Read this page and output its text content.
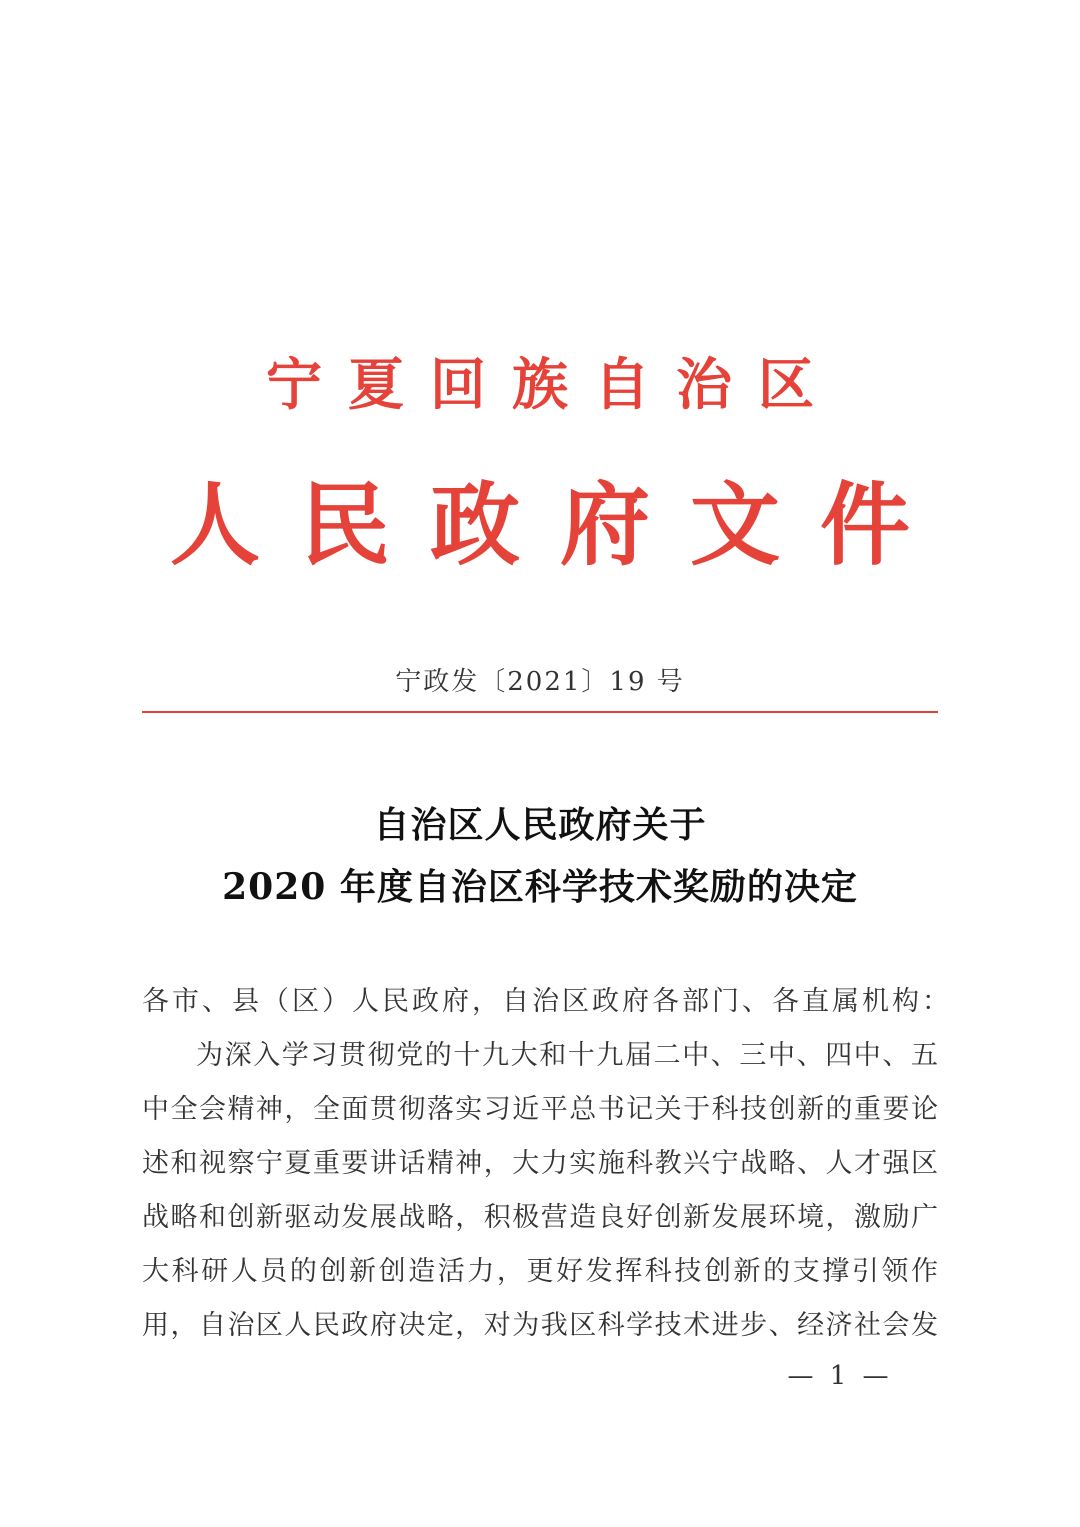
宁夏回族自治区
人民政府文件
宁政发〔2021〕19 号
自治区人民政府关于
2020 年度自治区科学技术奖励的决定
各市、县（区）人民政府，自治区政府各部门、各直属机构：
为深入学习贯彻党的十九大和十九届二中、三中、四中、五
中全会精神，全面贯彻落实习近平总书记关于科技创新的重要论
述和视察宁夏重要讲话精神，大力实施科教兴宁战略、人才强区
战略和创新驱动发展战略，积极营造良好创新发展环境，激励广
大科研人员的创新创造活力，更好发挥科技创新的支撑引领作
用，自治区人民政府决定，对为我区科学技术进步、经济社会发
— 1 —
